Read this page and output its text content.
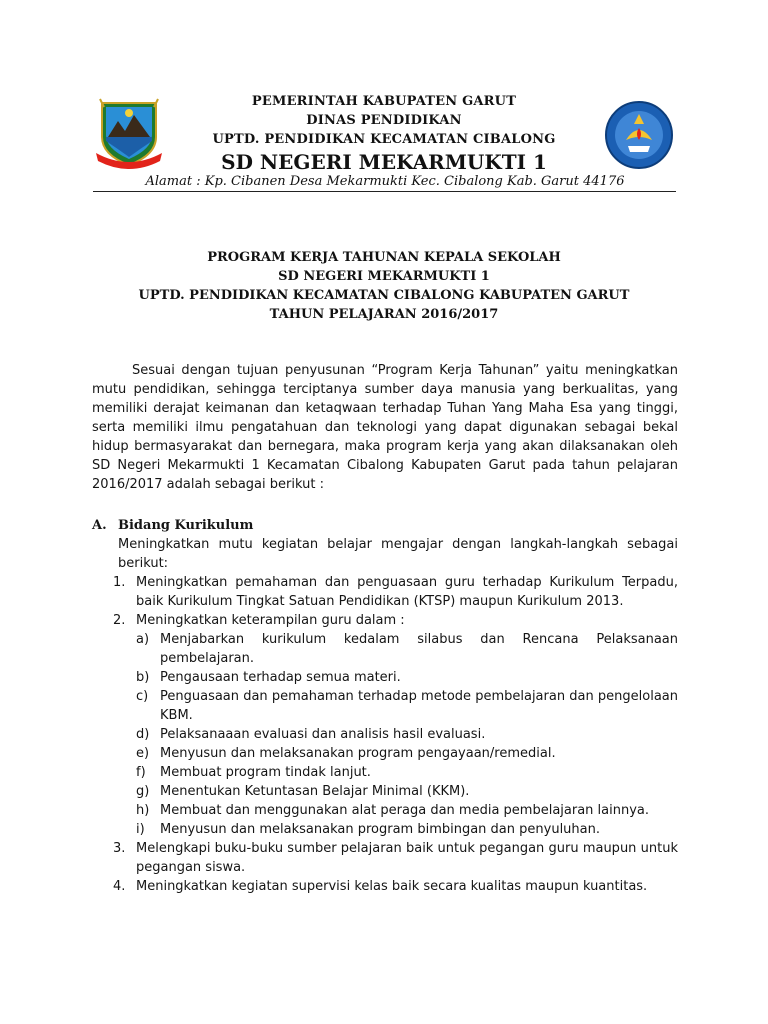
PEMERINTAH KABUPATEN GARUT
DINAS PENDIDIKAN
UPTD. PENDIDIKAN KECAMATAN CIBALONG
SD NEGERI MEKARMUKTI 1
Alamat : Kp. Cibanen Desa Mekarmukti Kec. Cibalong Kab. Garut 44176
PROGRAM KERJA TAHUNAN KEPALA SEKOLAH
SD NEGERI MEKARMUKTI 1
UPTD. PENDIDIKAN KECAMATAN CIBALONG KABUPATEN GARUT
TAHUN PELAJARAN 2016/2017

Sesuai dengan tujuan penyusunan “Program Kerja Tahunan” yaitu meningkatkan mutu pendidikan, sehingga terciptanya sumber daya manusia yang berkualitas, yang memiliki derajat keimanan dan ketaqwaan terhadap Tuhan Yang Maha Esa yang tinggi, serta memiliki ilmu pengatahuan dan teknologi yang dapat digunakan sebagai bekal hidup bermasyarakat dan bernegara, maka program kerja yang akan dilaksanakan oleh SD Negeri Mekarmukti 1 Kecamatan Cibalong Kabupaten Garut pada tahun pelajaran 2016/2017 adalah sebagai berikut :

A. Bidang Kurikulum
Meningkatkan mutu kegiatan belajar mengajar dengan langkah-langkah sebagai berikut:
1. Meningkatkan pemahaman dan penguasaan guru terhadap Kurikulum Terpadu, baik Kurikulum Tingkat Satuan Pendidikan (KTSP) maupun Kurikulum 2013.
2. Meningkatkan keterampilan guru dalam :
a) Menjabarkan kurikulum kedalam silabus dan Rencana Pelaksanaan pembelajaran.
b) Pengausaan terhadap semua materi.
c) Penguasaan dan pemahaman terhadap metode pembelajaran dan pengelolaan KBM.
d) Pelaksanaaan evaluasi dan analisis hasil evaluasi.
e) Menyusun dan melaksanakan program pengayaan/remedial.
f) Membuat program tindak lanjut.
g) Menentukan Ketuntasan Belajar Minimal (KKM).
h) Membuat dan menggunakan alat peraga dan media pembelajaran lainnya.
i) Menyusun dan melaksanakan program bimbingan dan penyuluhan.
3. Melengkapi buku-buku sumber pelajaran baik untuk pegangan guru maupun untuk pegangan siswa.
4. Meningkatkan kegiatan supervisi kelas baik secara kualitas maupun kuantitas.
